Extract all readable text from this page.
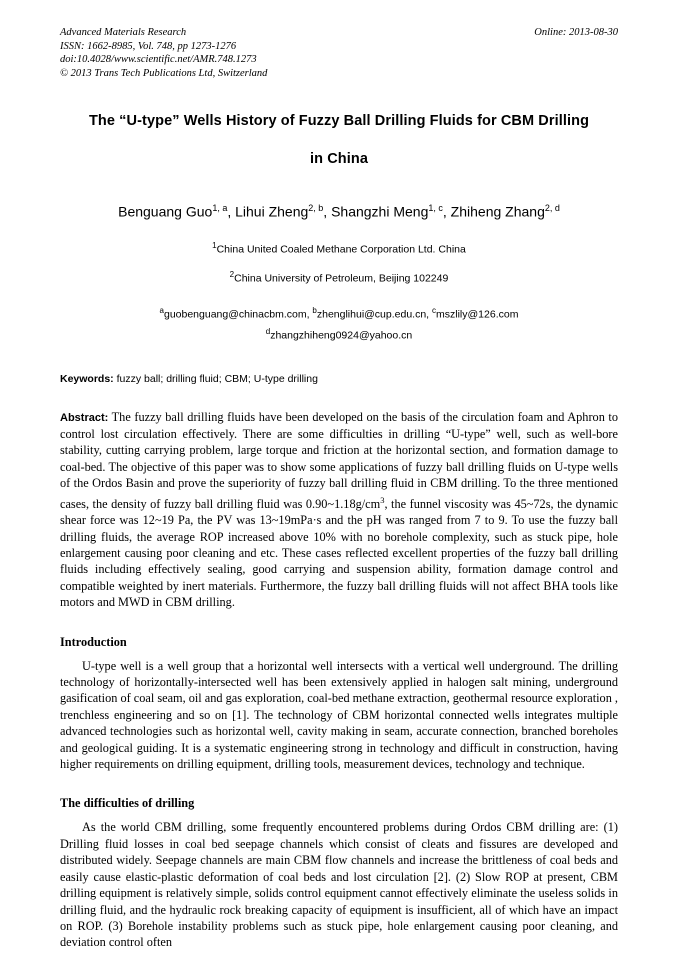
Advanced Materials Research
ISSN: 1662-8985, Vol. 748, pp 1273-1276
doi:10.4028/www.scientific.net/AMR.748.1273
© 2013 Trans Tech Publications Ltd, Switzerland
Online: 2013-08-30
The “U-type” Wells History of Fuzzy Ball Drilling Fluids for CBM Drilling
in China
Benguang Guo$^{1, a}$, Lihui Zheng$^{2, b}$, Shangzhi Meng$^{1, c}$, Zhiheng Zhang$^{2, d}$
$^1$China United Coaled Methane Corporation Ltd. China
$^2$China University of Petroleum, Beijing 102249
$^a$guobenguang@chinacbm.com, $^b$zhenglihui@cup.edu.cn, $^c$mszlily@126.com
$^d$zhangzhiheng0924@yahoo.cn
Keywords: fuzzy ball; drilling fluid; CBM; U-type drilling
Abstract: The fuzzy ball drilling fluids have been developed on the basis of the circulation foam and Aphron to control lost circulation effectively. There are some difficulties in drilling “U-type” well, such as well-bore stability, cutting carrying problem, large torque and friction at the horizontal section, and formation damage to coal-bed. The objective of this paper was to show some applications of fuzzy ball drilling fluids on U-type wells of the Ordos Basin and prove the superiority of fuzzy ball drilling fluid in CBM drilling. To the three mentioned cases, the density of fuzzy ball drilling fluid was $0.90\sim 1.18g/cm^3$, the funnel viscosity was 45~72s, the dynamic shear force was 12~19 Pa, the PV was 13~19mPa·s and the pH was ranged from 7 to 9. To use the fuzzy ball drilling fluids, the average ROP increased above 10% with no borehole complexity, such as stuck pipe, hole enlargement causing poor cleaning and etc. These cases reflected excellent properties of the fuzzy ball drilling fluids including effectively sealing, good carrying and suspension ability, formation damage control and compatible weighted by inert materials. Furthermore, the fuzzy ball drilling fluids will not affect BHA tools like motors and MWD in CBM drilling.
Introduction

U-type well is a well group that a horizontal well intersects with a vertical well underground. The drilling technology of horizontally-intersected well has been extensively applied in halogen salt mining, underground gasification of coal seam, oil and gas exploration, coal-bed methane extraction, geothermal resource exploration , trenchless engineering and so on [1]. The technology of CBM horizontal connected wells integrates multiple advanced technologies such as horizontal well, cavity making in seam, accurate connection, branched boreholes and geological guiding. It is a systematic engineering strong in technology and difficult in construction, having higher requirements on drilling equipment, drilling tools, measurement devices, technology and technique.

The difficulties of drilling

As the world CBM drilling, some frequently encountered problems during Ordos CBM drilling are: (1) Drilling fluid losses in coal bed seepage channels which consist of cleats and fissures are developed and distributed widely. Seepage channels are main CBM flow channels and increase the brittleness of coal beds and easily cause elastic-plastic deformation of coal beds and lost circulation [2]. (2) Slow ROP at present, CBM drilling equipment is relatively simple, solids control equipment cannot effectively eliminate the useless solids in drilling fluid, and the hydraulic rock breaking capacity of equipment is insufficient, all of which have an impact on ROP. (3) Borehole instability problems such as stuck pipe, hole enlargement causing poor cleaning, and deviation control often
